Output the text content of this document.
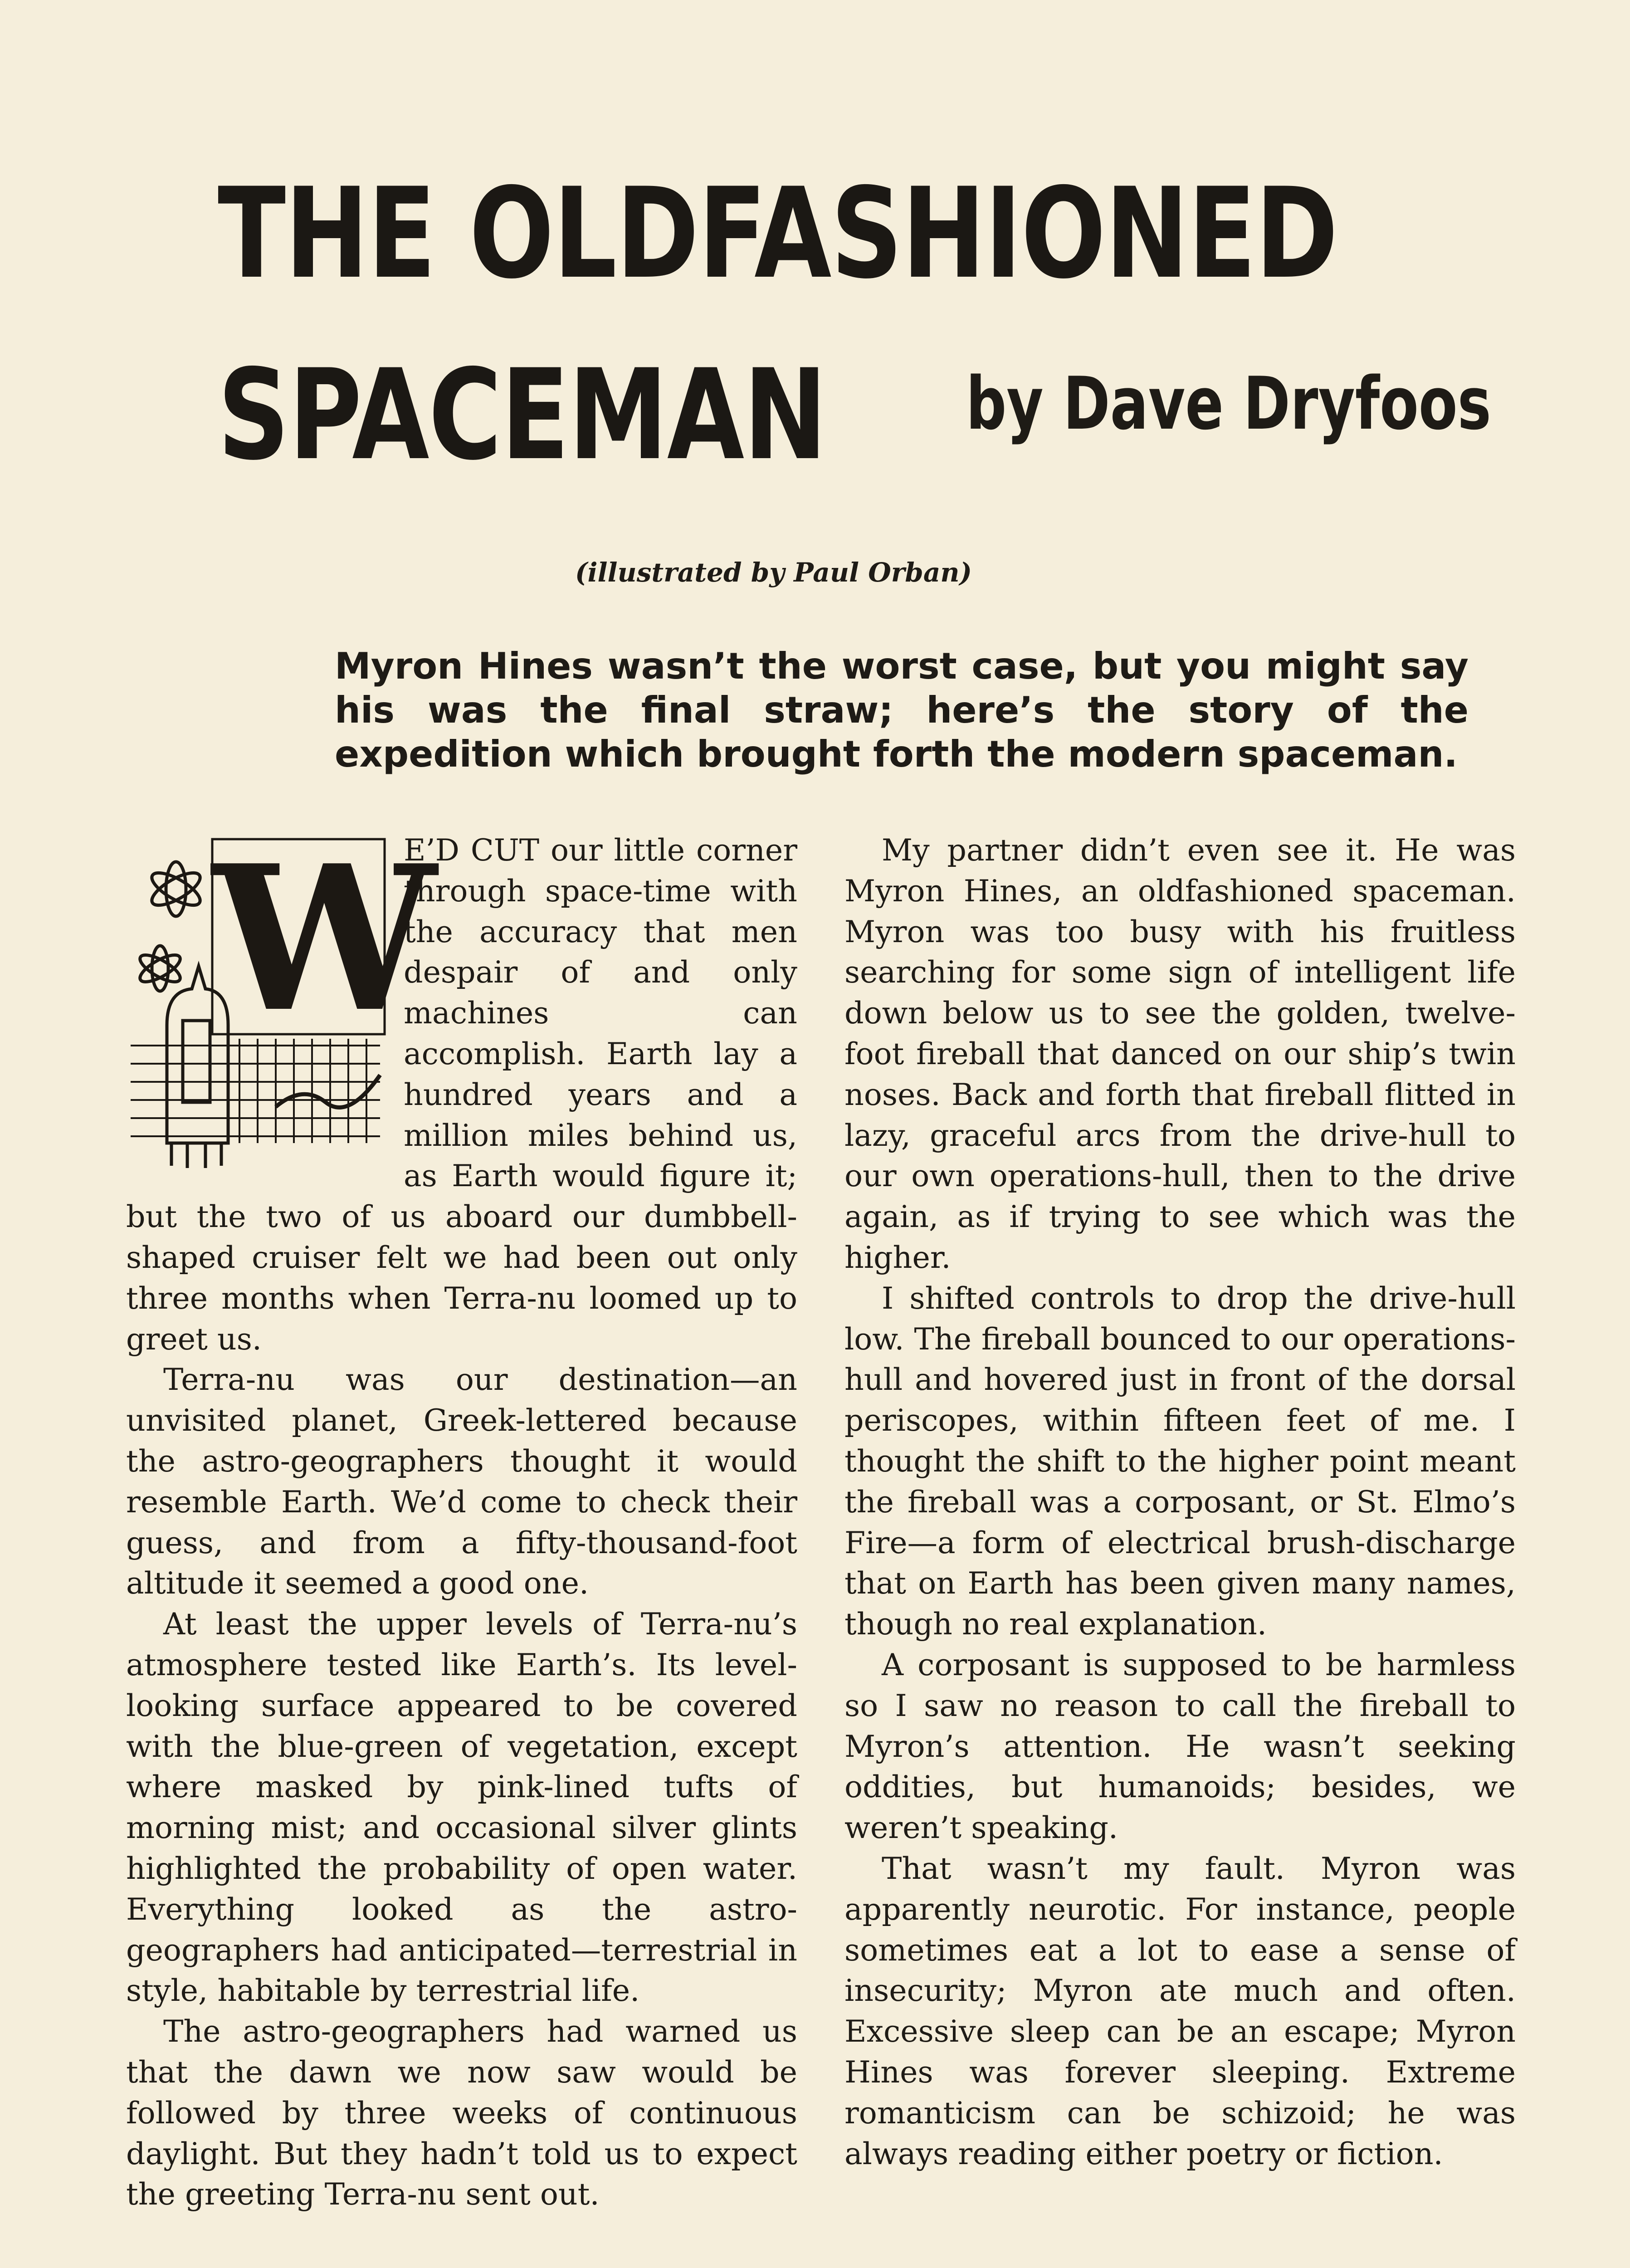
THE OLDFASHIONED
SPACEMAN	by Dave Dryfoos
(illustrated by Paul Orban)
Myron Hines wasn’t the worst case, but you might say his was the final straw; here’s the story of the expedition which brought forth the modern spaceman.
W

E’D CUT our little corner through space-time with the accuracy that men despair of and only machines can accomplish. Earth lay a hundred years and a million miles behind us, as Earth would figure it; but the two of us aboard our dumbbell-shaped cruiser felt we had been out only three months when Terra-nu loomed up to greet us.

Terra-nu was our destination—an unvisited planet, Greek-lettered because the astro-geographers thought it would resemble Earth. We’d come to check their guess, and from a fifty-thousand-foot altitude it seemed a good one.

At least the upper levels of Terra-nu’s atmosphere tested like Earth’s. Its level-looking surface appeared to be covered with the blue-green of vegetation, except where masked by pink-lined tufts of morning mist; and occasional silver glints highlighted the probability of open water. Everything looked as the astro-geographers had anticipated—terrestrial in style, habitable by terrestrial life.

The astro-geographers had warned us that the dawn we now saw would be followed by three weeks of continuous daylight. But they hadn’t told us to expect the greeting Terra-nu sent out.

My partner didn’t even see it. He was Myron Hines, an oldfashioned spaceman. Myron was too busy with his fruitless searching for some sign of intelligent life down below us to see the golden, twelve-foot fireball that danced on our ship’s twin noses. Back and forth that fireball flitted in lazy, graceful arcs from the drive-hull to our own operations-hull, then to the drive again, as if trying to see which was the higher.

I shifted controls to drop the drive-hull low. The fireball bounced to our operations-hull and hovered just in front of the dorsal periscopes, within fifteen feet of me. I thought the shift to the higher point meant the fireball was a corposant, or St. Elmo’s Fire—a form of electrical brush-discharge that on Earth has been given many names, though no real explanation.

A corposant is supposed to be harmless so I saw no reason to call the fireball to Myron’s attention. He wasn’t seeking oddities, but humanoids; besides, we weren’t speaking.

That wasn’t my fault. Myron was apparently neurotic. For instance, people sometimes eat a lot to ease a sense of insecurity; Myron ate much and often. Excessive sleep can be an escape; Myron Hines was forever sleeping. Extreme romanticism can be schizoid; he was always reading either poetry or fiction.
